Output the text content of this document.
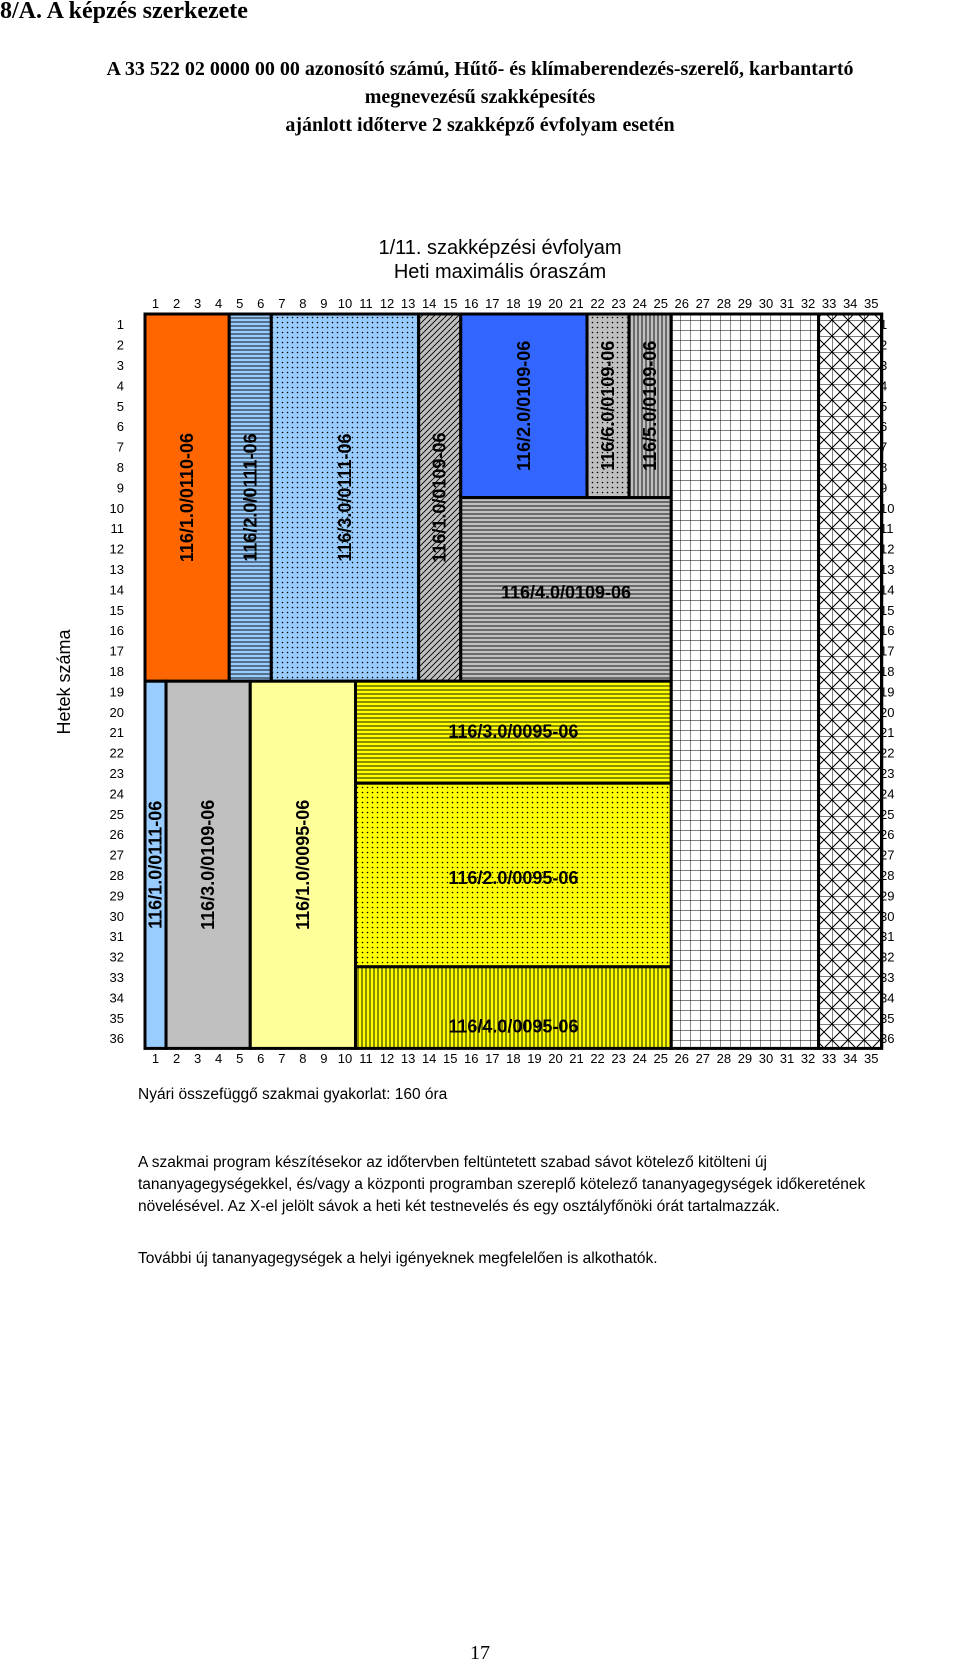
8/A. A képzés szerkezete
A 33 522 02 0000 00 00 azonosító számú, Hűtő- és klímaberendezés-szerelő, karbantartó
megnevezésű szakképesítés
ajánlott időterve 2 szakképző évfolyam esetén
1/11. szakképzési évfolyam
Heti maximális óraszám
116/1.0/0110-06 116/2.0/0111-06	116/3.0/0111-06	116/1.0/0109-06
116/2.0/0109-06	116/6.0/0109-06 116/5.0/0109-06
116/4.0/0109-06
116/1.0/0111-06 116/3.0/0109-06	116/1.0/0095-06
116/3.0/0095-06
116/2.0/0095-06
116/4.0/0095-06
1
1
2
2
3
3
4
4
5
5
6
6
7
7
8
8
9
9
10
10
11
11
12
12
13
13
14
14
15
15
16
16
17
17
18
18
19
19
20
20
21
21
22
22
23
23
24
24
25
25
26
26
27
27
28
28
29
29
30
30
31
31
32
32
33
33
34
34
35
35
1	1
2	2
3	3
4	4
5	5
6	6
7	7
8	8
9	9
10	10
11	11
12	12
13	13
14	14
15	15
16	16
17	17
18	18
19	19
20	20
21	21
22	22
23	23
24	24
25	25
26	26
27	27
28	28
29	29
30	30
31	31
32	32
33	33
34	34
35	35
36	36
Hetek száma
Nyári összefüggő szakmai gyakorlat: 160 óra
A szakmai program készítésekor az időtervben feltüntetett szabad sávot kötelező kitölteni új
tananyagegységekkel, és/vagy a központi programban szereplő kötelező tananyagegységek időkeretének
növelésével. Az X-el jelölt sávok a heti két testnevelés és egy osztályfőnöki órát tartalmazzák.
További új tananyagegységek a helyi igényeknek megfelelően is alkothatók.
17
